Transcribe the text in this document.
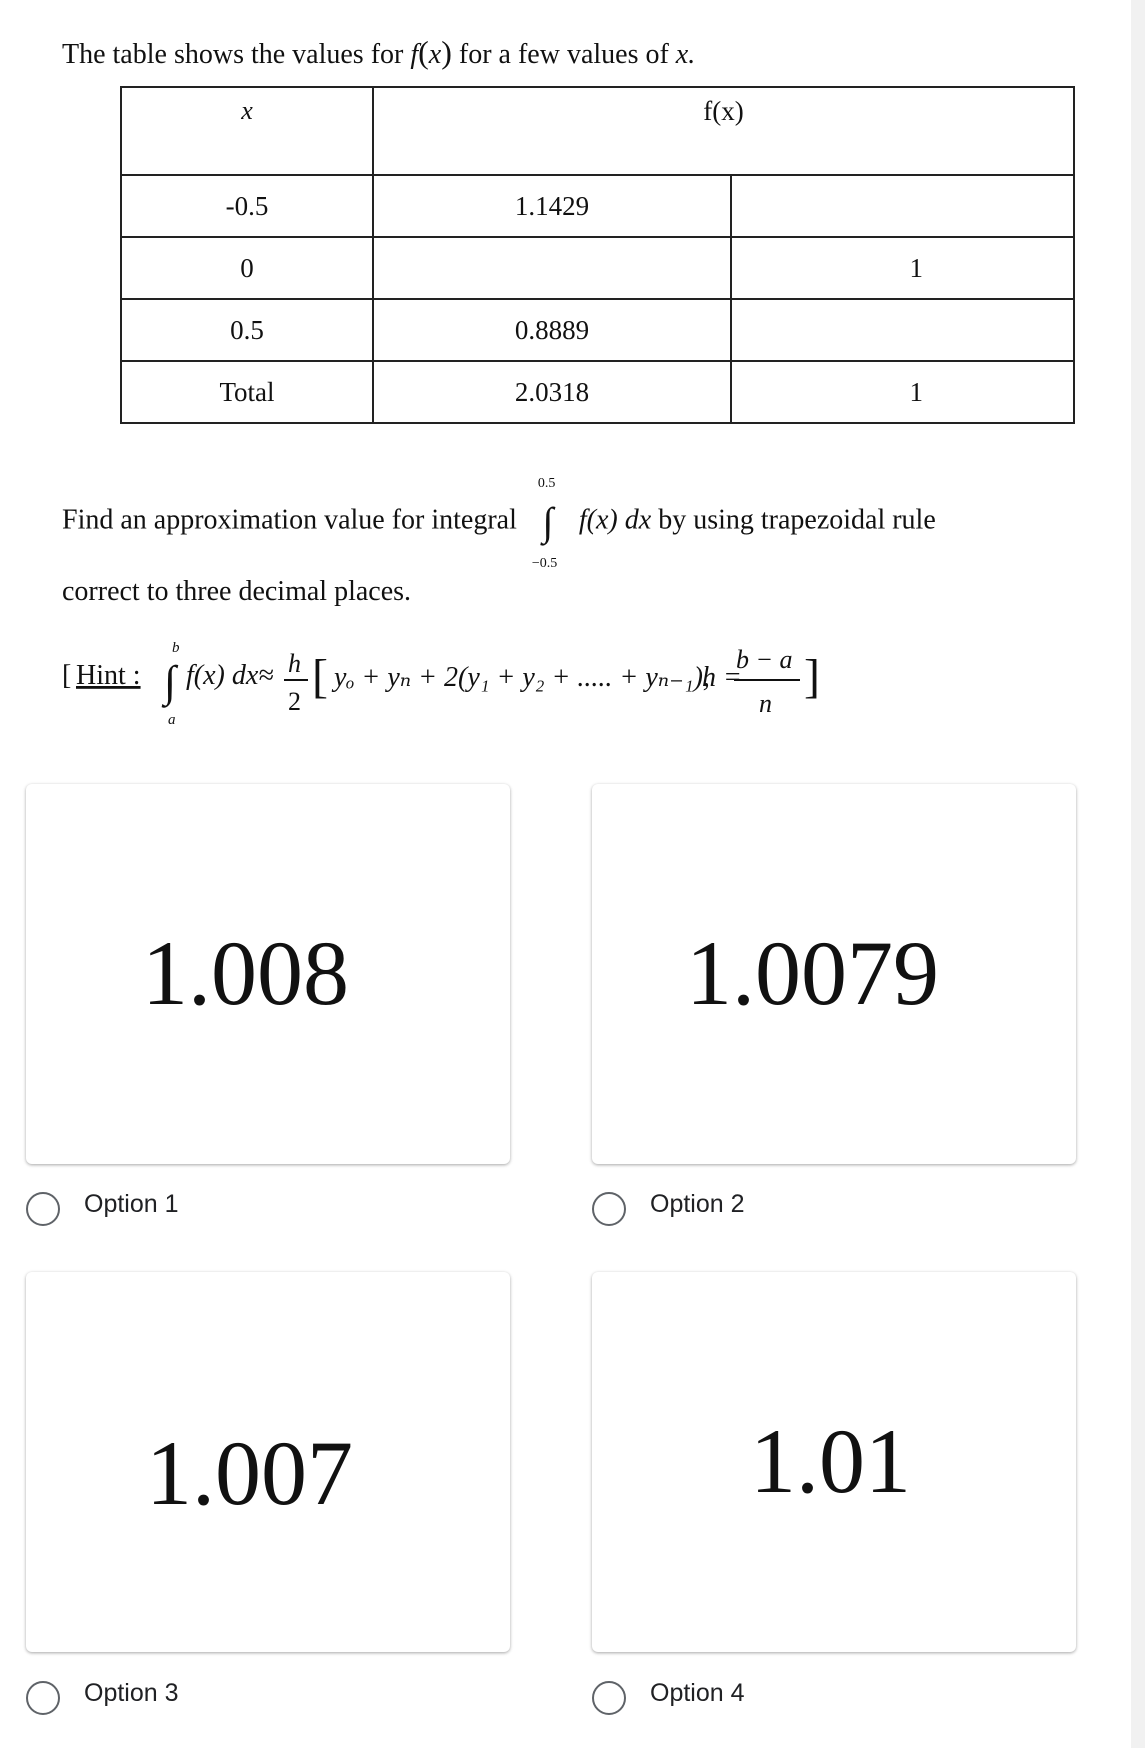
The table shows the values for f(x) for a few values of x.
x	f(x)	
-0.5	1.1429	
0		1
0.5	0.8889	
Total	2.0318	1
Find an approximation value for integral
0.5
∫
−0.5
f(x) dx by using trapezoidal rule
correct to three decimal places.
[ Hint : ∫
b
a
f(x) dx≈ h
2 [ yₒ + yₙ + 2(y₁ + y₂ + ..... + yₙ₋₁),
h =
b − a
n
]
1.008
Option 1
1.0079
Option 2
1.007
Option 3
1.01
Option 4
